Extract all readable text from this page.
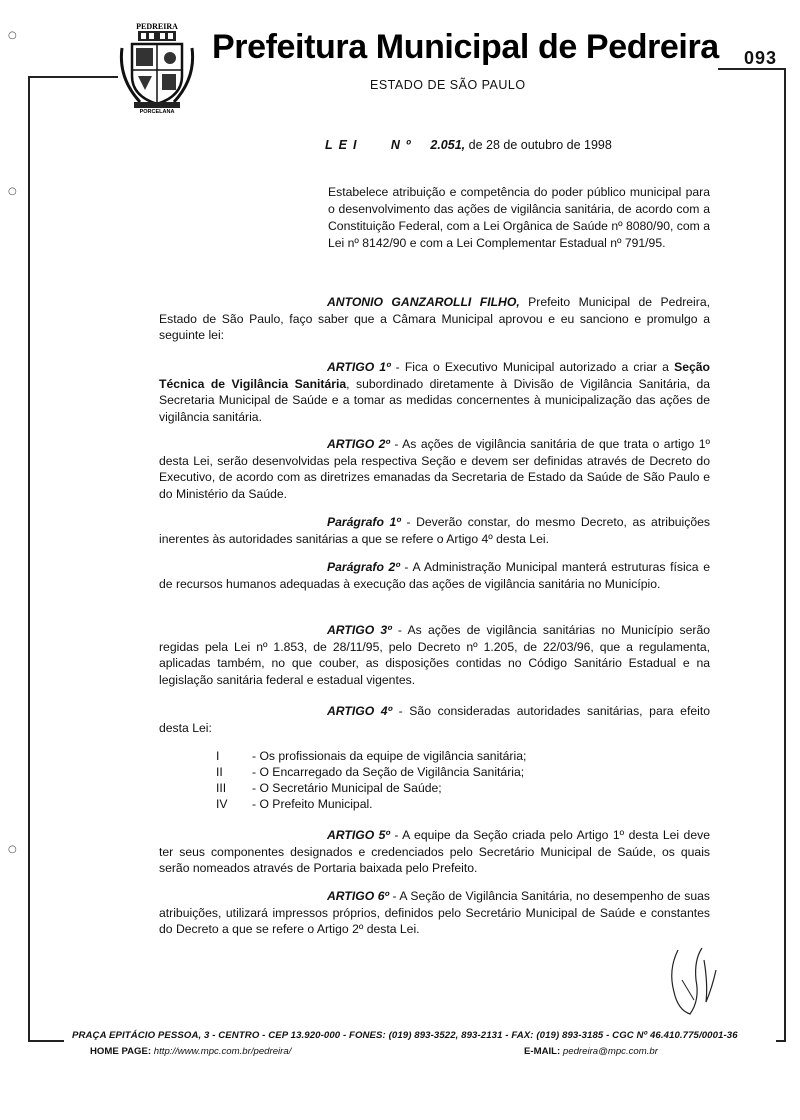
○
○
○
PEDREIRA
PORCELANA
Prefeitura Municipal de Pedreira
ESTADO DE SÃO PAULO
093
LEI   Nº 2.051, de 28 de outubro de 1998
Estabelece atribuição e competência do poder público municipal para o desenvolvimento das ações de vigilância sanitária, de acordo com a Constituição Federal, com a Lei Orgânica de Saúde nº 8080/90, com a Lei nº 8142/90 e com a Lei Complementar Estadual nº 791/95.
ANTONIO GANZAROLLI FILHO, Prefeito Municipal de Pedreira, Estado de São Paulo, faço saber que a Câmara Municipal aprovou e eu sanciono e promulgo a seguinte lei:
ARTIGO 1º - Fica o Executivo Municipal autorizado a criar a Seção Técnica de Vigilância Sanitária, subordinado diretamente à Divisão de Vigilância Sanitária, da Secretaria Municipal de Saúde e a tomar as medidas concernentes à municipalização das ações de vigilância sanitária.
ARTIGO 2º - As ações de vigilância sanitária de que trata o artigo 1º desta Lei, serão desenvolvidas pela respectiva Seção e devem ser definidas através de Decreto do Executivo, de acordo com as diretrizes emanadas da Secretaria de Estado da Saúde de São Paulo e do Ministério da Saúde.
Parágrafo 1º - Deverão constar, do mesmo Decreto, as atribuições inerentes às autoridades sanitárias a que se refere o Artigo 4º desta Lei.
Parágrafo 2º - A Administração Municipal manterá estruturas física e de recursos humanos adequadas à execução das ações de vigilância sanitária no Município.
ARTIGO 3º - As ações de vigilância sanitárias no Município serão regidas pela Lei nº 1.853, de 28/11/95, pelo Decreto nº 1.205, de 22/03/96, que a regulamenta, aplicadas também, no que couber, as disposições contidas no Código Sanitário Estadual e na legislação sanitária federal e estadual vigentes.
ARTIGO 4º - São consideradas autoridades sanitárias, para efeito desta Lei:
I	- Os profissionais da equipe de vigilância sanitária;
II	- O Encarregado da Seção de Vigilância Sanitária;
III	- O Secretário Municipal de Saúde;
IV	- O Prefeito Municipal.
ARTIGO 5º - A equipe da Seção criada pelo Artigo 1º desta Lei deve ter seus componentes designados e credenciados pelo Secretário Municipal de Saúde, os quais serão nomeados através de Portaria baixada pelo Prefeito.
ARTIGO 6º - A Seção de Vigilância Sanitária, no desempenho de suas atribuições, utilizará impressos próprios, definidos pelo Secretário Municipal de Saúde e constantes do Decreto a que se refere o Artigo 2º desta Lei.
PRAÇA EPITÁCIO PESSOA, 3 - CENTRO - CEP 13.920-000 - FONES: (019) 893-3522, 893-2131 - FAX: (019) 893-3185 - CGC Nº 46.410.775/0001-36
HOME PAGE: http://www.mpc.com.br/pedreira/	E-MAIL: pedreira@mpc.com.br
